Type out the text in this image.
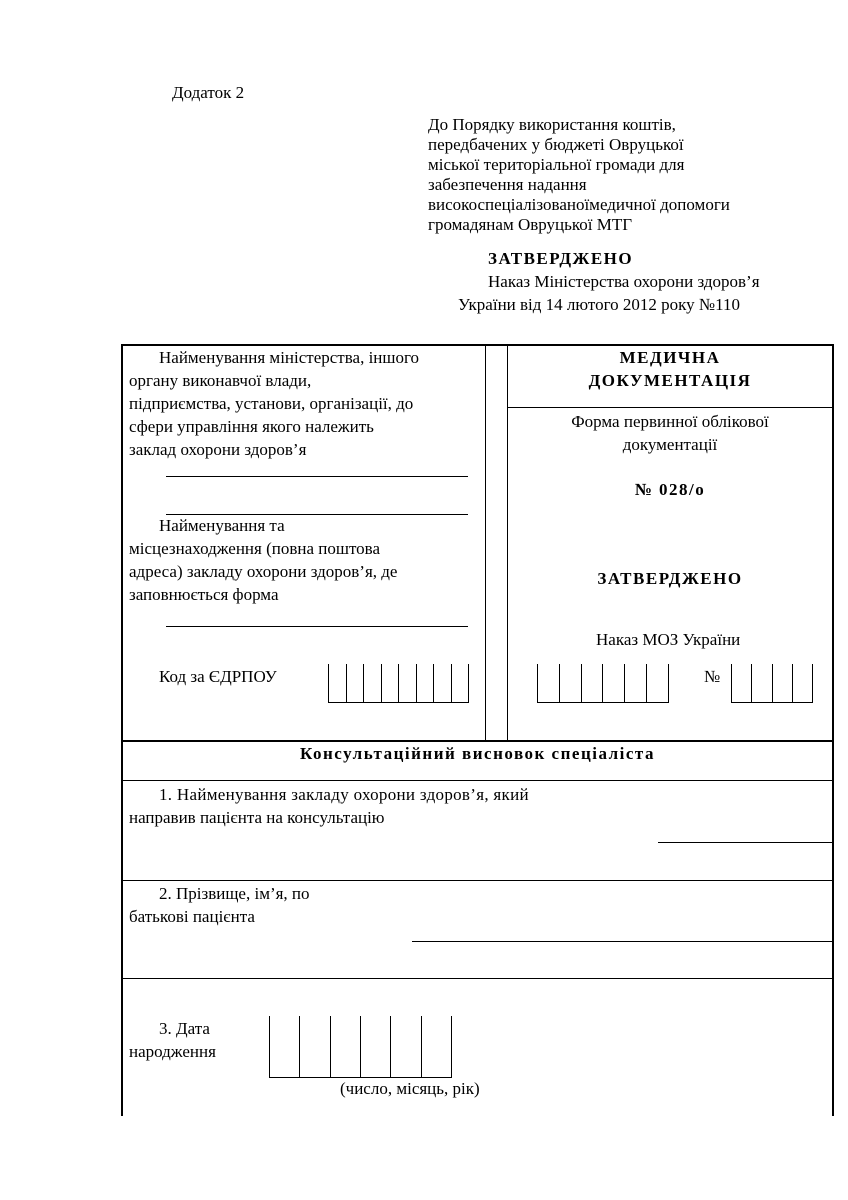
Додаток 2
До Порядку використання коштів,
передбачених у бюджеті Овруцької
міської територіальної громади для
забезпечення надання
високоспеціалізованоїмедичної допомоги
громадянам Овруцької МТГ
ЗАТВЕРДЖЕНО
Наказ Міністерства охорони здоров’я
України від 14 лютого 2012 року №110
Найменування міністерства, іншого
органу виконавчої влади,
підприємства, установи, організації, до
сфери управління якого належить
заклад охорони здоров’я
Найменування та
місцезнаходження (повна поштова
адреса) закладу охорони здоров’я, де
заповнюється форма
Код за ЄДРПОУ
МЕДИЧНА
ДОКУМЕНТАЦІЯ
Форма первинної облікової
документації
№ 028/о
ЗАТВЕРДЖЕНО
Наказ МОЗ України
№
Консультаційний висновок спеціаліста
1. Найменування закладу охорони здоров’я, який
направив пацієнта на консультацію
2. Прізвище, ім’я, по
батькові пацієнта
3. Дата
народження
(число, місяць, рік)
